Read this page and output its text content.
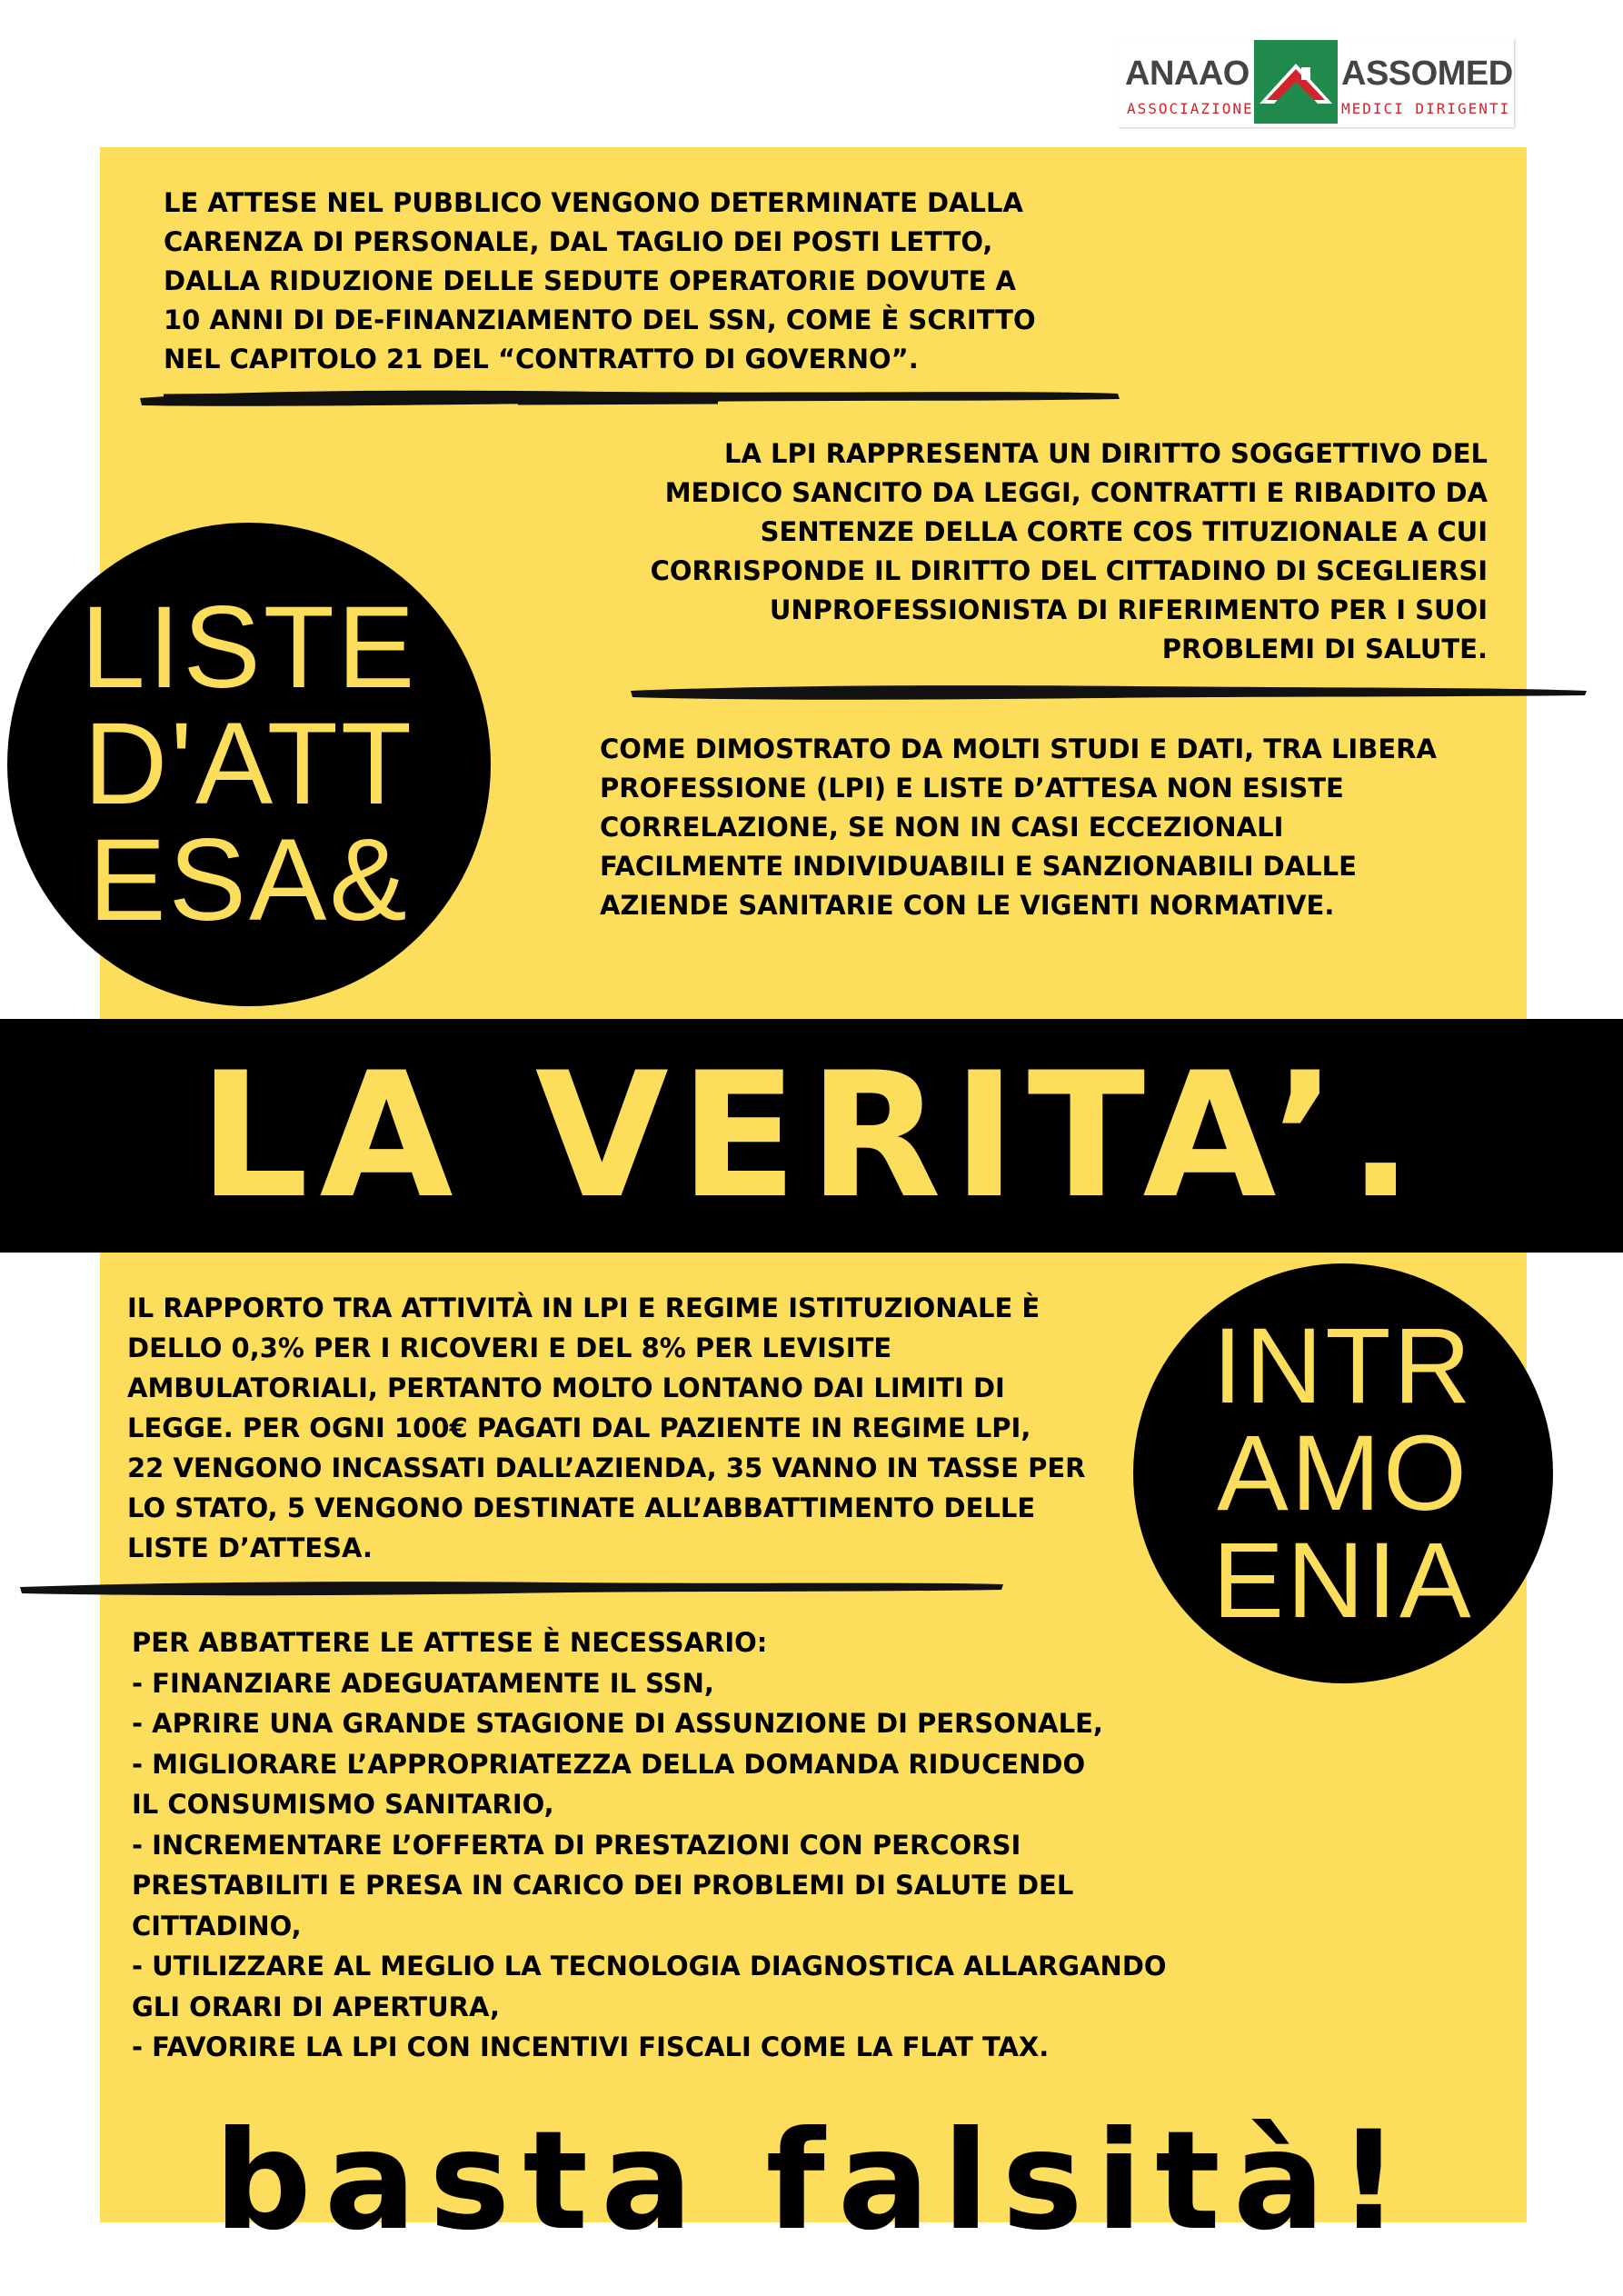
ANAAO	ASSOMED
ASSOCIAZIONE	MEDICI DIRIGENTI

LE ATTESE NEL PUBBLICO VENGONO DETERMINATE DALLA
CARENZA DI PERSONALE, DAL TAGLIO DEI POSTI LETTO,
DALLA RIDUZIONE DELLE SEDUTE OPERATORIE DOVUTE A
10 ANNI DI DE-FINANZIAMENTO DEL SSN, COME È SCRITTO
NEL CAPITOLO 21 DEL “CONTRATTO DI GOVERNO”.

LA LPI RAPPRESENTA UN DIRITTO SOGGETTIVO DEL
MEDICO SANCITO DA LEGGI, CONTRATTI E RIBADITO DA
SENTENZE DELLA CORTE COS TITUZIONALE A CUI
CORRISPONDE IL DIRITTO DEL CITTADINO DI SCEGLIERSI
UNPROFESSIONISTA DI RIFERIMENTO PER I SUOI
PROBLEMI DI SALUTE.

LISTE
D'ATT
ESA&

COME DIMOSTRATO DA MOLTI STUDI E DATI, TRA LIBERA
PROFESSIONE (LPI) E LISTE D’ATTESA NON ESISTE
CORRELAZIONE, SE NON IN CASI ECCEZIONALI
FACILMENTE INDIVIDUABILI E SANZIONABILI DALLE
AZIENDE SANITARIE CON LE VIGENTI NORMATIVE.

LA VERITA’.

IL RAPPORTO TRA ATTIVITÀ IN LPI E REGIME ISTITUZIONALE È
DELLO 0,3% PER I RICOVERI E DEL 8% PER LEVISITE
AMBULATORIALI, PERTANTO MOLTO LONTANO DAI LIMITI DI
LEGGE. PER OGNI 100€ PAGATI DAL PAZIENTE IN REGIME LPI,
22 VENGONO INCASSATI DALL’AZIENDA, 35 VANNO IN TASSE PER
LO STATO, 5 VENGONO DESTINATE ALL’ABBATTIMENTO DELLE
LISTE D’ATTESA.

INTR
AMO
ENIA

PER ABBATTERE LE ATTESE È NECESSARIO:
- FINANZIARE ADEGUATAMENTE IL SSN,
- APRIRE UNA GRANDE STAGIONE DI ASSUNZIONE DI PERSONALE,
- MIGLIORARE L’APPROPRIATEZZA DELLA DOMANDA RIDUCENDO
IL CONSUMISMO SANITARIO,
- INCREMENTARE L’OFFERTA DI PRESTAZIONI CON PERCORSI
PRESTABILITI E PRESA IN CARICO DEI PROBLEMI DI SALUTE DEL
CITTADINO,
- UTILIZZARE AL MEGLIO LA TECNOLOGIA DIAGNOSTICA ALLARGANDO
GLI ORARI DI APERTURA,
- FAVORIRE LA LPI CON INCENTIVI FISCALI COME LA FLAT TAX.

basta falsità!
